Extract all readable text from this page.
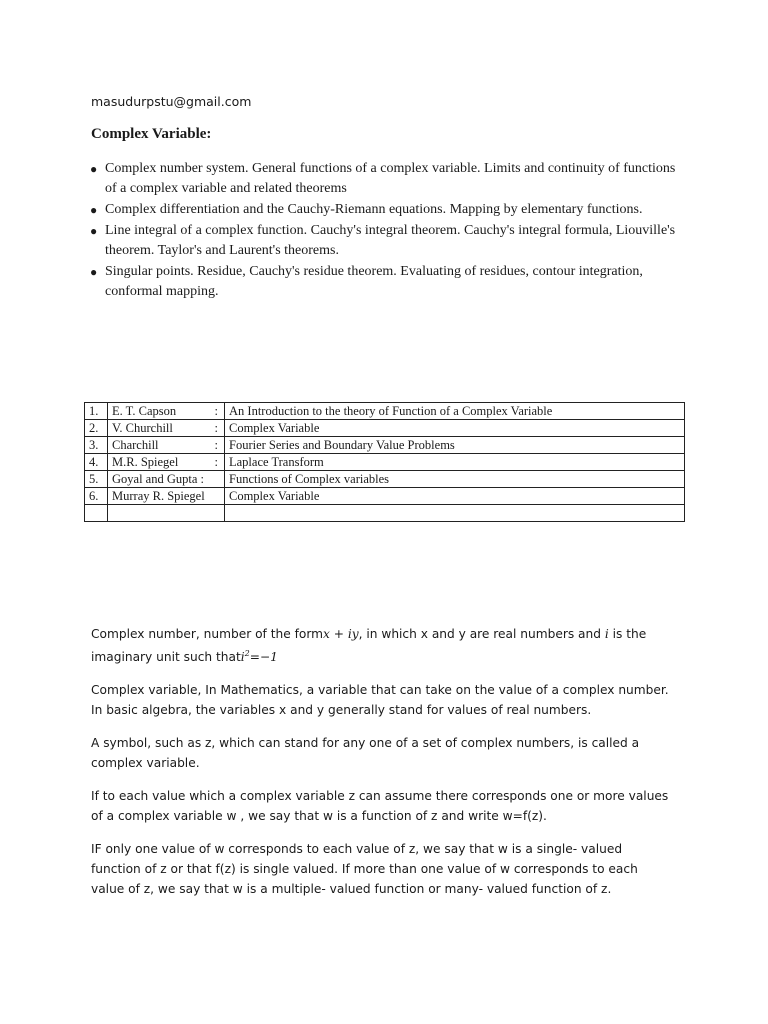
masudurpstu@gmail.com
Complex Variable:
● Complex number system. General functions of a complex variable. Limits and continuity of functions of a complex variable and related theorems
● Complex differentiation and the Cauchy-Riemann equations. Mapping by elementary functions.
● Line integral of a complex function. Cauchy's integral theorem. Cauchy's integral formula, Liouville's theorem. Taylor's and Laurent's theorems.
● Singular points. Residue, Cauchy's residue theorem. Evaluating of residues, contour integration, conformal mapping.
1.	E. T. Capson :	An Introduction to the theory of Function of a Complex Variable
2.	V. Churchill :	Complex Variable
3.	Charchill :	Fourier Series and Boundary Value Problems
4.	M.R. Spiegel :	Laplace Transform
5.	Goyal and Gupta :	Functions of Complex variables
6.	Murray R. Spiegel	Complex Variable

Complex number, number of the formx + iy, in which x and y are real numbers and i is the imaginary unit such thati$^2$=−1

Complex variable, In Mathematics, a variable that can take on the value of a complex number. In basic algebra, the variables x and y generally stand for values of real numbers.

A symbol, such as z, which can stand for any one of a set of complex numbers, is called a complex variable.

If to each value which a complex variable z can assume there corresponds one or more values of a complex variable w , we say that w is a function of z and write w=f(z).

IF only one value of w corresponds to each value of z, we say that w is a single- valued function of z or that f(z) is single valued. If more than one value of w corresponds to each value of z, we say that w is a multiple- valued function or many- valued function of z.
